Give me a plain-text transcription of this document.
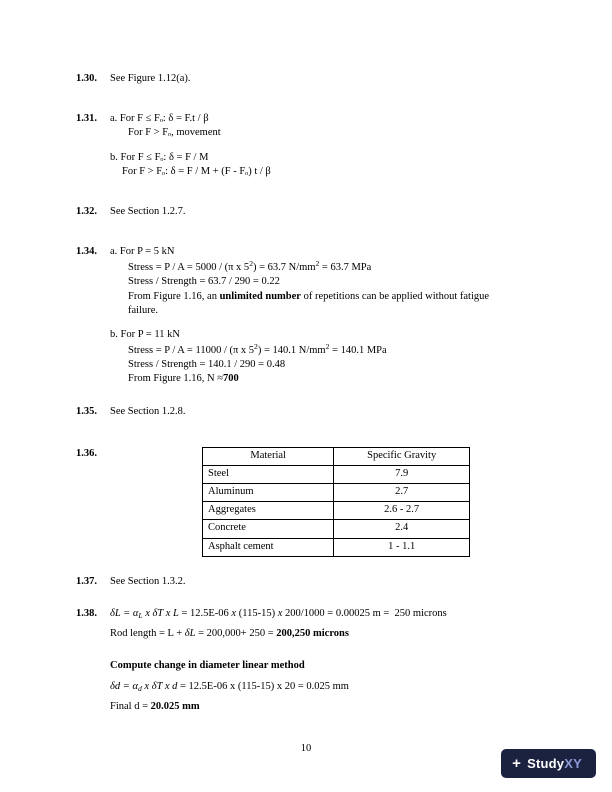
1.30. See Figure 1.12(a).
1.31. a. For F ≤ Fₒ: δ = F.t / β
For F > Fₒ, movement
b. For F ≤ Fₒ: δ = F / M
For F > Fₒ: δ = F / M + (F - Fₒ) t / β
1.32. See Section 1.2.7.
1.34. a. For P = 5 kN
Stress = P / A = 5000 / (π x $5^2) = 63.7$ $N/mm^2 = 63.7$ MPa
Stress / Strength = 63.7 / 290 = 0.22
From Figure 1.16, an unlimited number of repetitions can be applied without fatigue
failure.
b. For P = 11 kN
Stress = P / A = 11000 / (π x $5^2) = 140.1$ $N/mm^2 = 140.1$ MPa
Stress / Strength = 140.1 / 290 = 0.48
From Figure 1.16, N ≈700
1.35. See Section 1.2.8.
1.36.	Material	Specific Gravity
Steel	7.9
Aluminum	2.7
Aggregates	2.6 - 2.7
Concrete	2.4
Asphalt cement	1 - 1.1
1.37. See Section 1.3.2.
1.38. $\delta L = \alpha_L$ x δT x L = 12.5E-06 x (115-15) x 200/1000 = 0.00025 m =  250 microns
Rod length = L + δL = 200,000+ 250 = 200,250 microns
Compute change in diameter linear method
$\delta d = \alpha_d$ x δT x d = 12.5E-06 x (115-15) x 20 = 0.025 mm
Final d = 20.025 mm
10
+ StudyXY
